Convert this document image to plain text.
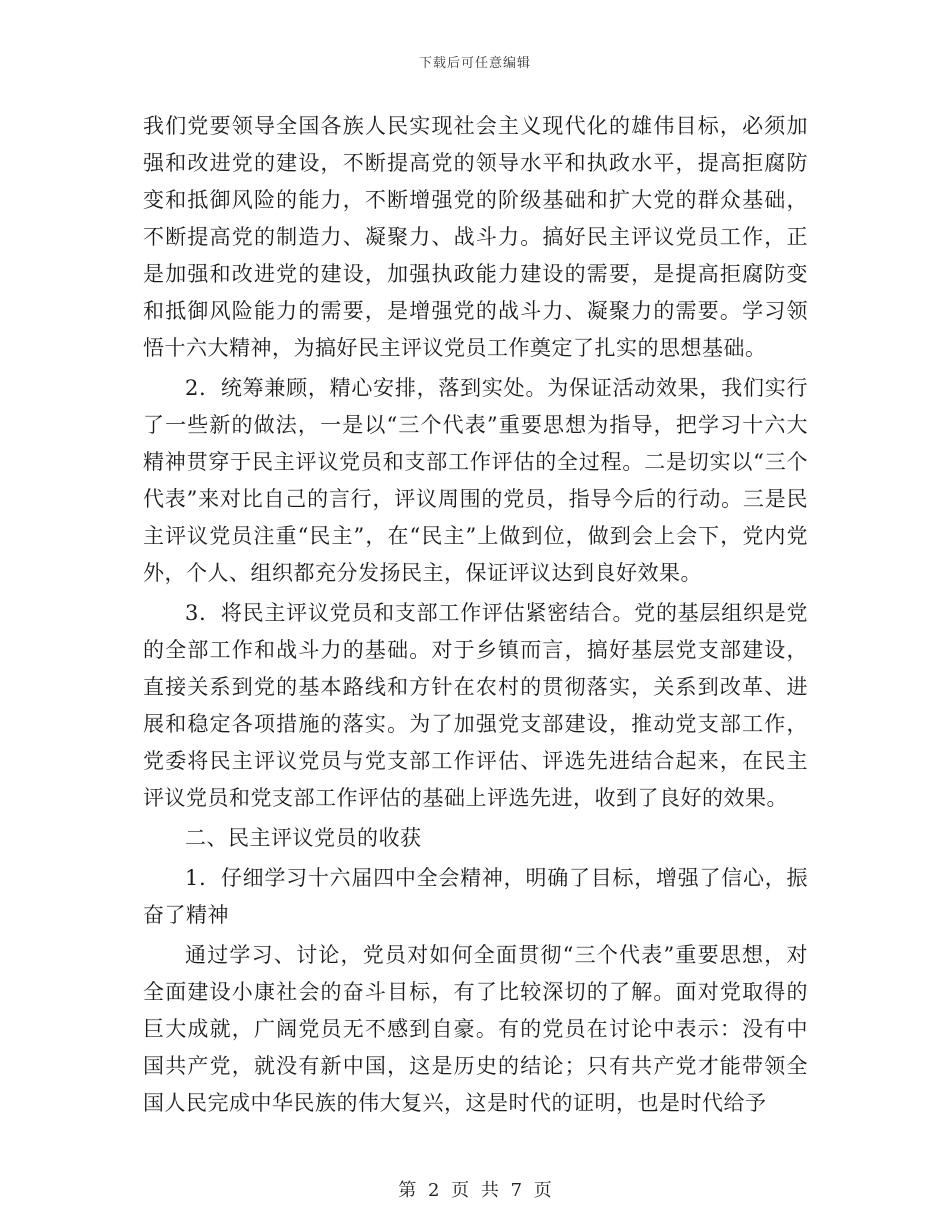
下载后可任意编辑

我们党要领导全国各族人民实现社会主义现代化的雄伟目标，必须加强和改进党的建设，不断提高党的领导水平和执政水平，提高拒腐防变和抵御风险的能力，不断增强党的阶级基础和扩大党的群众基础，不断提高党的制造力、凝聚力、战斗力。搞好民主评议党员工作，正是加强和改进党的建设，加强执政能力建设的需要，是提高拒腐防变和抵御风险能力的需要，是增强党的战斗力、凝聚力的需要。学习领悟十六大精神，为搞好民主评议党员工作奠定了扎实的思想基础。

2．统筹兼顾，精心安排，落到实处。为保证活动效果，我们实行了一些新的做法，一是以“三个代表”重要思想为指导，把学习十六大精神贯穿于民主评议党员和支部工作评估的全过程。二是切实以“三个代表”来对比自己的言行，评议周围的党员，指导今后的行动。三是民主评议党员注重“民主”，在“民主”上做到位，做到会上会下，党内党外，个人、组织都充分发扬民主，保证评议达到良好效果。

3．将民主评议党员和支部工作评估紧密结合。党的基层组织是党的全部工作和战斗力的基础。对于乡镇而言，搞好基层党支部建设，直接关系到党的基本路线和方针在农村的贯彻落实，关系到改革、进展和稳定各项措施的落实。为了加强党支部建设，推动党支部工作，党委将民主评议党员与党支部工作评估、评选先进结合起来，在民主评议党员和党支部工作评估的基础上评选先进，收到了良好的效果。

二、民主评议党员的收获

1．仔细学习十六届四中全会精神，明确了目标，增强了信心，振奋了精神

通过学习、讨论，党员对如何全面贯彻“三个代表”重要思想，对全面建设小康社会的奋斗目标，有了比较深切的了解。面对党取得的巨大成就，广阔党员无不感到自豪。有的党员在讨论中表示：没有中国共产党，就没有新中国，这是历史的结论；只有共产党才能带领全国人民完成中华民族的伟大复兴，这是时代的证明，也是时代给予

第 2 页 共 7 页
